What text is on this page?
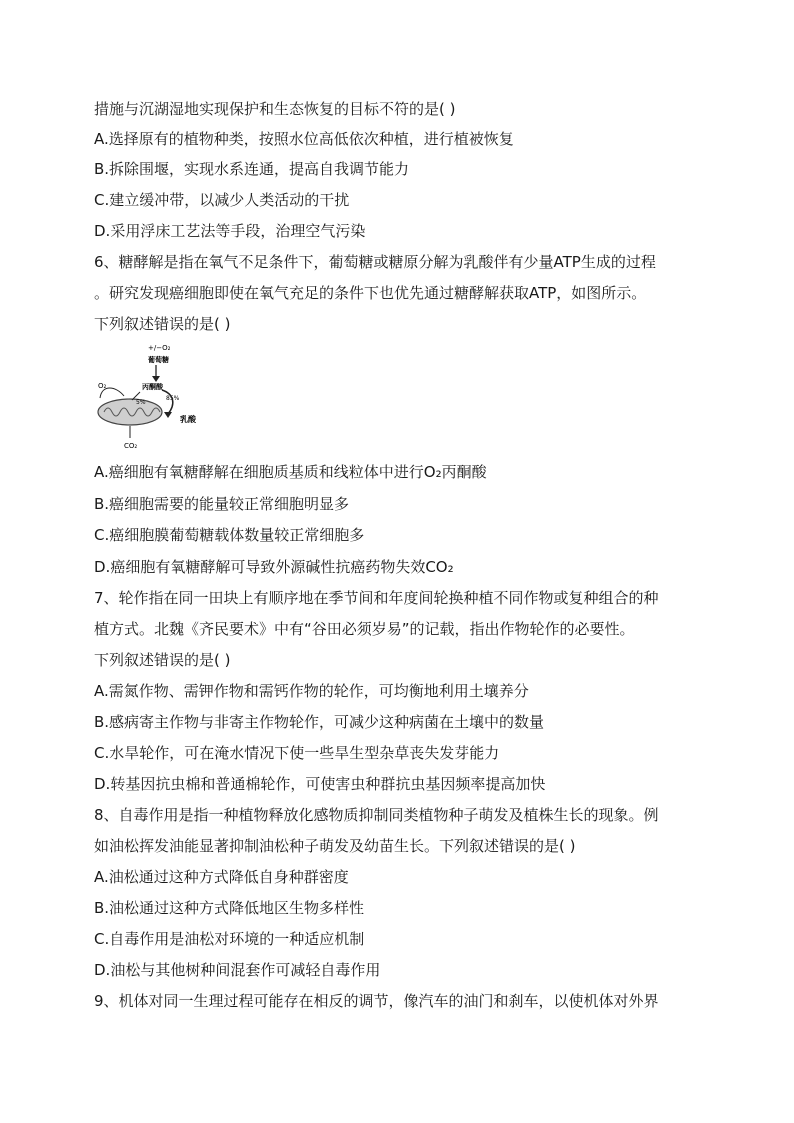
措施与沉湖湿地实现保护和生态恢复的目标不符的是( )
A.选择原有的植物种类，按照水位高低依次种植，进行植被恢复
B.拆除围堰，实现水系连通，提高自我调节能力
C.建立缓冲带，以减少人类活动的干扰
D.采用浮床工艺法等手段，治理空气污染
6、糖酵解是指在氧气不足条件下，葡萄糖或糖原分解为乳酸伴有少量ATP生成的过程
。研究发现癌细胞即使在氧气充足的条件下也优先通过糖酵解获取ATP，如图所示。
下列叙述错误的是( )
+/−O₂
葡萄糖
丙酮酸
O₂
5%
85%
乳酸
CO₂
A.癌细胞有氧糖酵解在细胞质基质和线粒体中进行O₂丙酮酸
B.癌细胞需要的能量较正常细胞明显多
C.癌细胞膜葡萄糖载体数量较正常细胞多
D.癌细胞有氧糖酵解可导致外源碱性抗癌药物失效CO₂
7、轮作指在同一田块上有顺序地在季节间和年度间轮换种植不同作物或复种组合的种
植方式。北魏《齐民要术》中有“谷田必须岁易”的记载，指出作物轮作的必要性。
下列叙述错误的是( )
A.需氮作物、需钾作物和需钙作物的轮作，可均衡地利用土壤养分
B.感病寄主作物与非寄主作物轮作，可减少这种病菌在土壤中的数量
C.水旱轮作，可在淹水情况下使一些旱生型杂草丧失发芽能力
D.转基因抗虫棉和普通棉轮作，可使害虫种群抗虫基因频率提高加快
8、自毒作用是指一种植物释放化感物质抑制同类植物种子萌发及植株生长的现象。例
如油松挥发油能显著抑制油松种子萌发及幼苗生长。下列叙述错误的是( )
A.油松通过这种方式降低自身种群密度
B.油松通过这种方式降低地区生物多样性
C.自毒作用是油松对环境的一种适应机制
D.油松与其他树种间混套作可减轻自毒作用
9、机体对同一生理过程可能存在相反的调节，像汽车的油门和刹车，以使机体对外界
